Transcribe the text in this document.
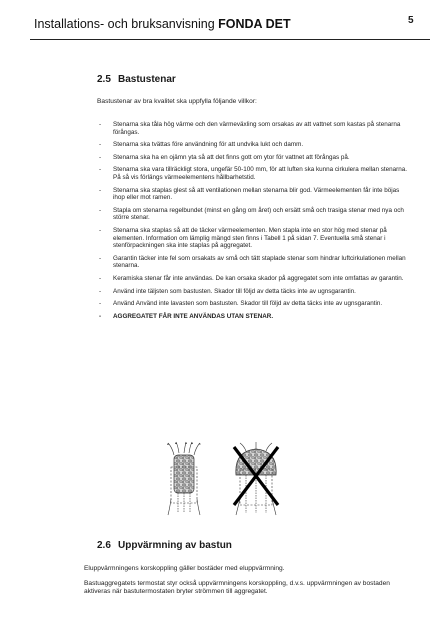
Installations- och bruksanvisning FONDA DET	5
2.5 Bastustenar
Bastustenar av bra kvalitet ska uppfylla följande villkor:
- Stenarna ska tåla hög värme och den värmeväxling som orsakas av att vattnet som kastas på stenarna förångas.
- Stenarna ska tvättas före användning för att undvika lukt och damm.
- Stenarna ska ha en ojämn yta så att det finns gott om ytor för vattnet att förångas på.
- Stenarna ska vara tillräckligt stora, ungefär 50-100 mm, för att luften ska kunna cirkulera mellan stenarna. På så vis förlängs värmeelementens hållbarhetstid.
- Stenarna ska staplas glest så att ventilationen mellan stenarna blir god. Värmeelementen får inte böjas ihop eller mot ramen.
- Stapla om stenarna regelbundet (minst en gång om året) och ersätt små och trasiga stenar med nya och större stenar.
- Stenarna ska staplas så att de täcker värmeelementen. Men stapla inte en stor hög med stenar på elementen. Information om lämplig mängd sten finns i Tabell 1 på sidan 7. Eventuella små stenar i stenförpackningen ska inte staplas på aggregatet.
- Garantin täcker inte fel som orsakats av små och tätt staplade stenar som hindrar luftcirkulationen mellan stenarna.
- Keramiska stenar får inte användas. De kan orsaka skador på aggregatet som inte omfattas av garantin.
- Använd inte täljsten som bastusten. Skador till följd av detta täcks inte av ugnsgarantin.
- Använd Använd inte lavasten som bastusten. Skador till följd av detta täcks inte av ugnsgarantin.
- AGGREGATET FÅR INTE ANVÄNDAS UTAN STENAR.
2.6 Uppvärmning av bastun
Eluppvärmningens korskoppling gäller bostäder med eluppvärmning.
Bastuaggregatets termostat styr också uppvärmningens korskoppling, d.v.s. uppvärmningen av bostaden aktiveras när bastutermostaten bryter strömmen till aggregatet.
